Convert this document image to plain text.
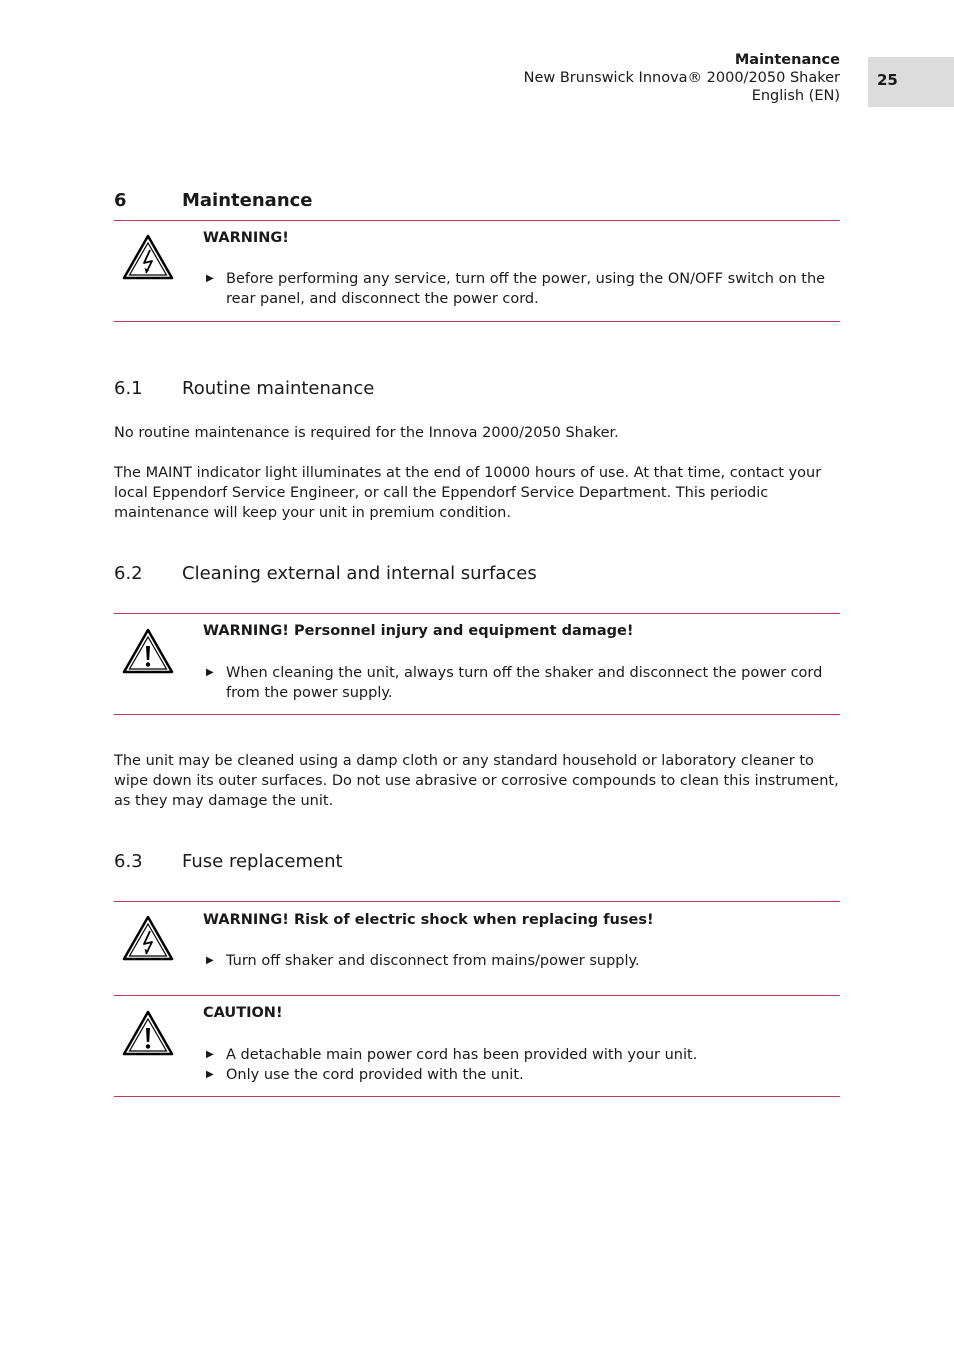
Maintenance
New Brunswick Innova® 2000/2050 Shaker
English (EN)
25
6	Maintenance
WARNING!
▶ Before performing any service, turn off the power, using the ON/OFF switch on the rear panel, and disconnect the power cord.
6.1 Routine maintenance
No routine maintenance is required for the Innova 2000/2050 Shaker.
The MAINT indicator light illuminates at the end of 10000 hours of use. At that time, contact your local Eppendorf Service Engineer, or call the Eppendorf Service Department. This periodic maintenance will keep your unit in premium condition.
6.2 Cleaning external and internal surfaces
WARNING! Personnel injury and equipment damage!
▶ When cleaning the unit, always turn off the shaker and disconnect the power cord from the power supply.
The unit may be cleaned using a damp cloth or any standard household or laboratory cleaner to wipe down its outer surfaces. Do not use abrasive or corrosive compounds to clean this instrument, as they may damage the unit.
6.3 Fuse replacement
WARNING! Risk of electric shock when replacing fuses!
▶ Turn off shaker and disconnect from mains/power supply.
CAUTION!
▶ A detachable main power cord has been provided with your unit.
▶ Only use the cord provided with the unit.
